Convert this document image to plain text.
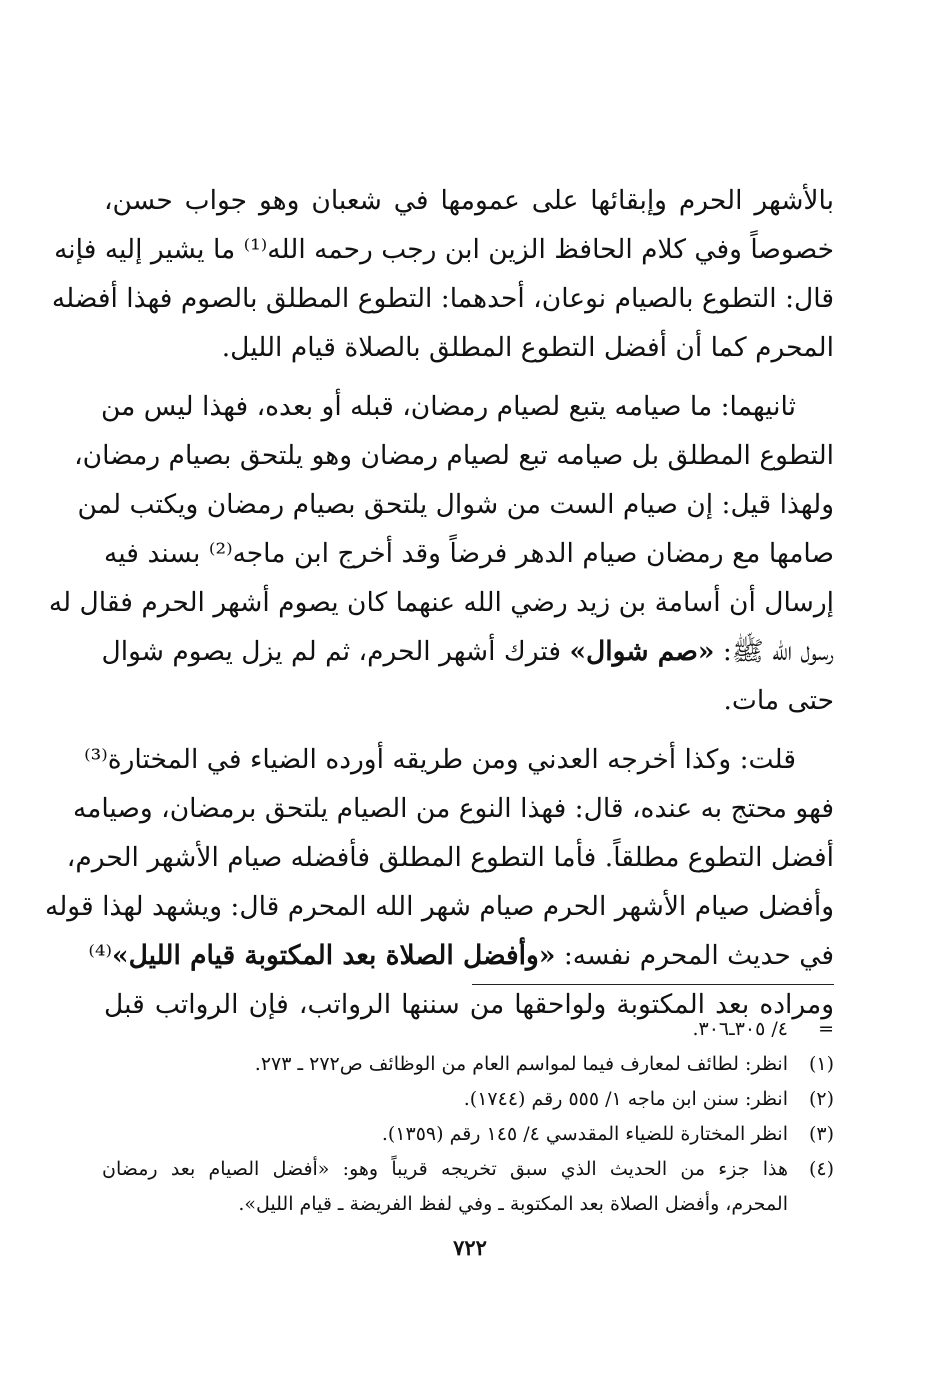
بالأشهر الحرم وإبقائها على عمومها في شعبان وهو جواب حسن،
خصوصاً وفي كلام الحافظ الزين ابن رجب رحمه الله⁽¹⁾ ما يشير إليه فإنه
قال: التطوع بالصيام نوعان، أحدهما: التطوع المطلق بالصوم فهذا أفضله
المحرم كما أن أفضل التطوع المطلق بالصلاة قيام الليل.
ثانيهما: ما صيامه يتبع لصيام رمضان، قبله أو بعده، فهذا ليس من
التطوع المطلق بل صيامه تبع لصيام رمضان وهو يلتحق بصيام رمضان،
ولهذا قيل: إن صيام الست من شوال يلتحق بصيام رمضان ويكتب لمن
صامها مع رمضان صيام الدهر فرضاً وقد أخرج ابن ماجه⁽²⁾ بسند فيه
إرسال أن أسامة بن زيد رضي الله عنهما كان يصوم أشهر الحرم فقال له
رسول الله ﷺ: «صم شوال» فترك أشهر الحرم، ثم لم يزل يصوم شوال
حتى مات.
قلت: وكذا أخرجه العدني ومن طريقه أورده الضياء في المختارة⁽³⁾
فهو محتج به عنده، قال: فهذا النوع من الصيام يلتحق برمضان، وصيامه
أفضل التطوع مطلقاً. فأما التطوع المطلق فأفضله صيام الأشهر الحرم،
وأفضل صيام الأشهر الحرم صيام شهر الله المحرم قال: ويشهد لهذا قوله
في حديث المحرم نفسه: «وأفضل الصلاة بعد المكتوبة قيام الليل»⁽⁴⁾
ومراده بعد المكتوبة ولواحقها من سننها الرواتب، فإن الرواتب قبل
=
٤/ ٣٠٥ـ٣٠٦.
(١)
انظر: لطائف لمعارف فيما لمواسم العام من الوظائف ص٢٧٢ ـ ٢٧٣.
(٢)
انظر: سنن ابن ماجه ١/ ٥٥٥ رقم (١٧٤٤).
(٣)
انظر المختارة للضياء المقدسي ٤/ ١٤٥ رقم (١٣٥٩).
(٤)
هذا جزء من الحديث الذي سبق تخريجه قريباً وهو: «أفضل الصيام بعد رمضان
المحرم، وأفضل الصلاة بعد المكتوبة ـ وفي لفظ الفريضة ـ قيام الليل».
٧٢٢
